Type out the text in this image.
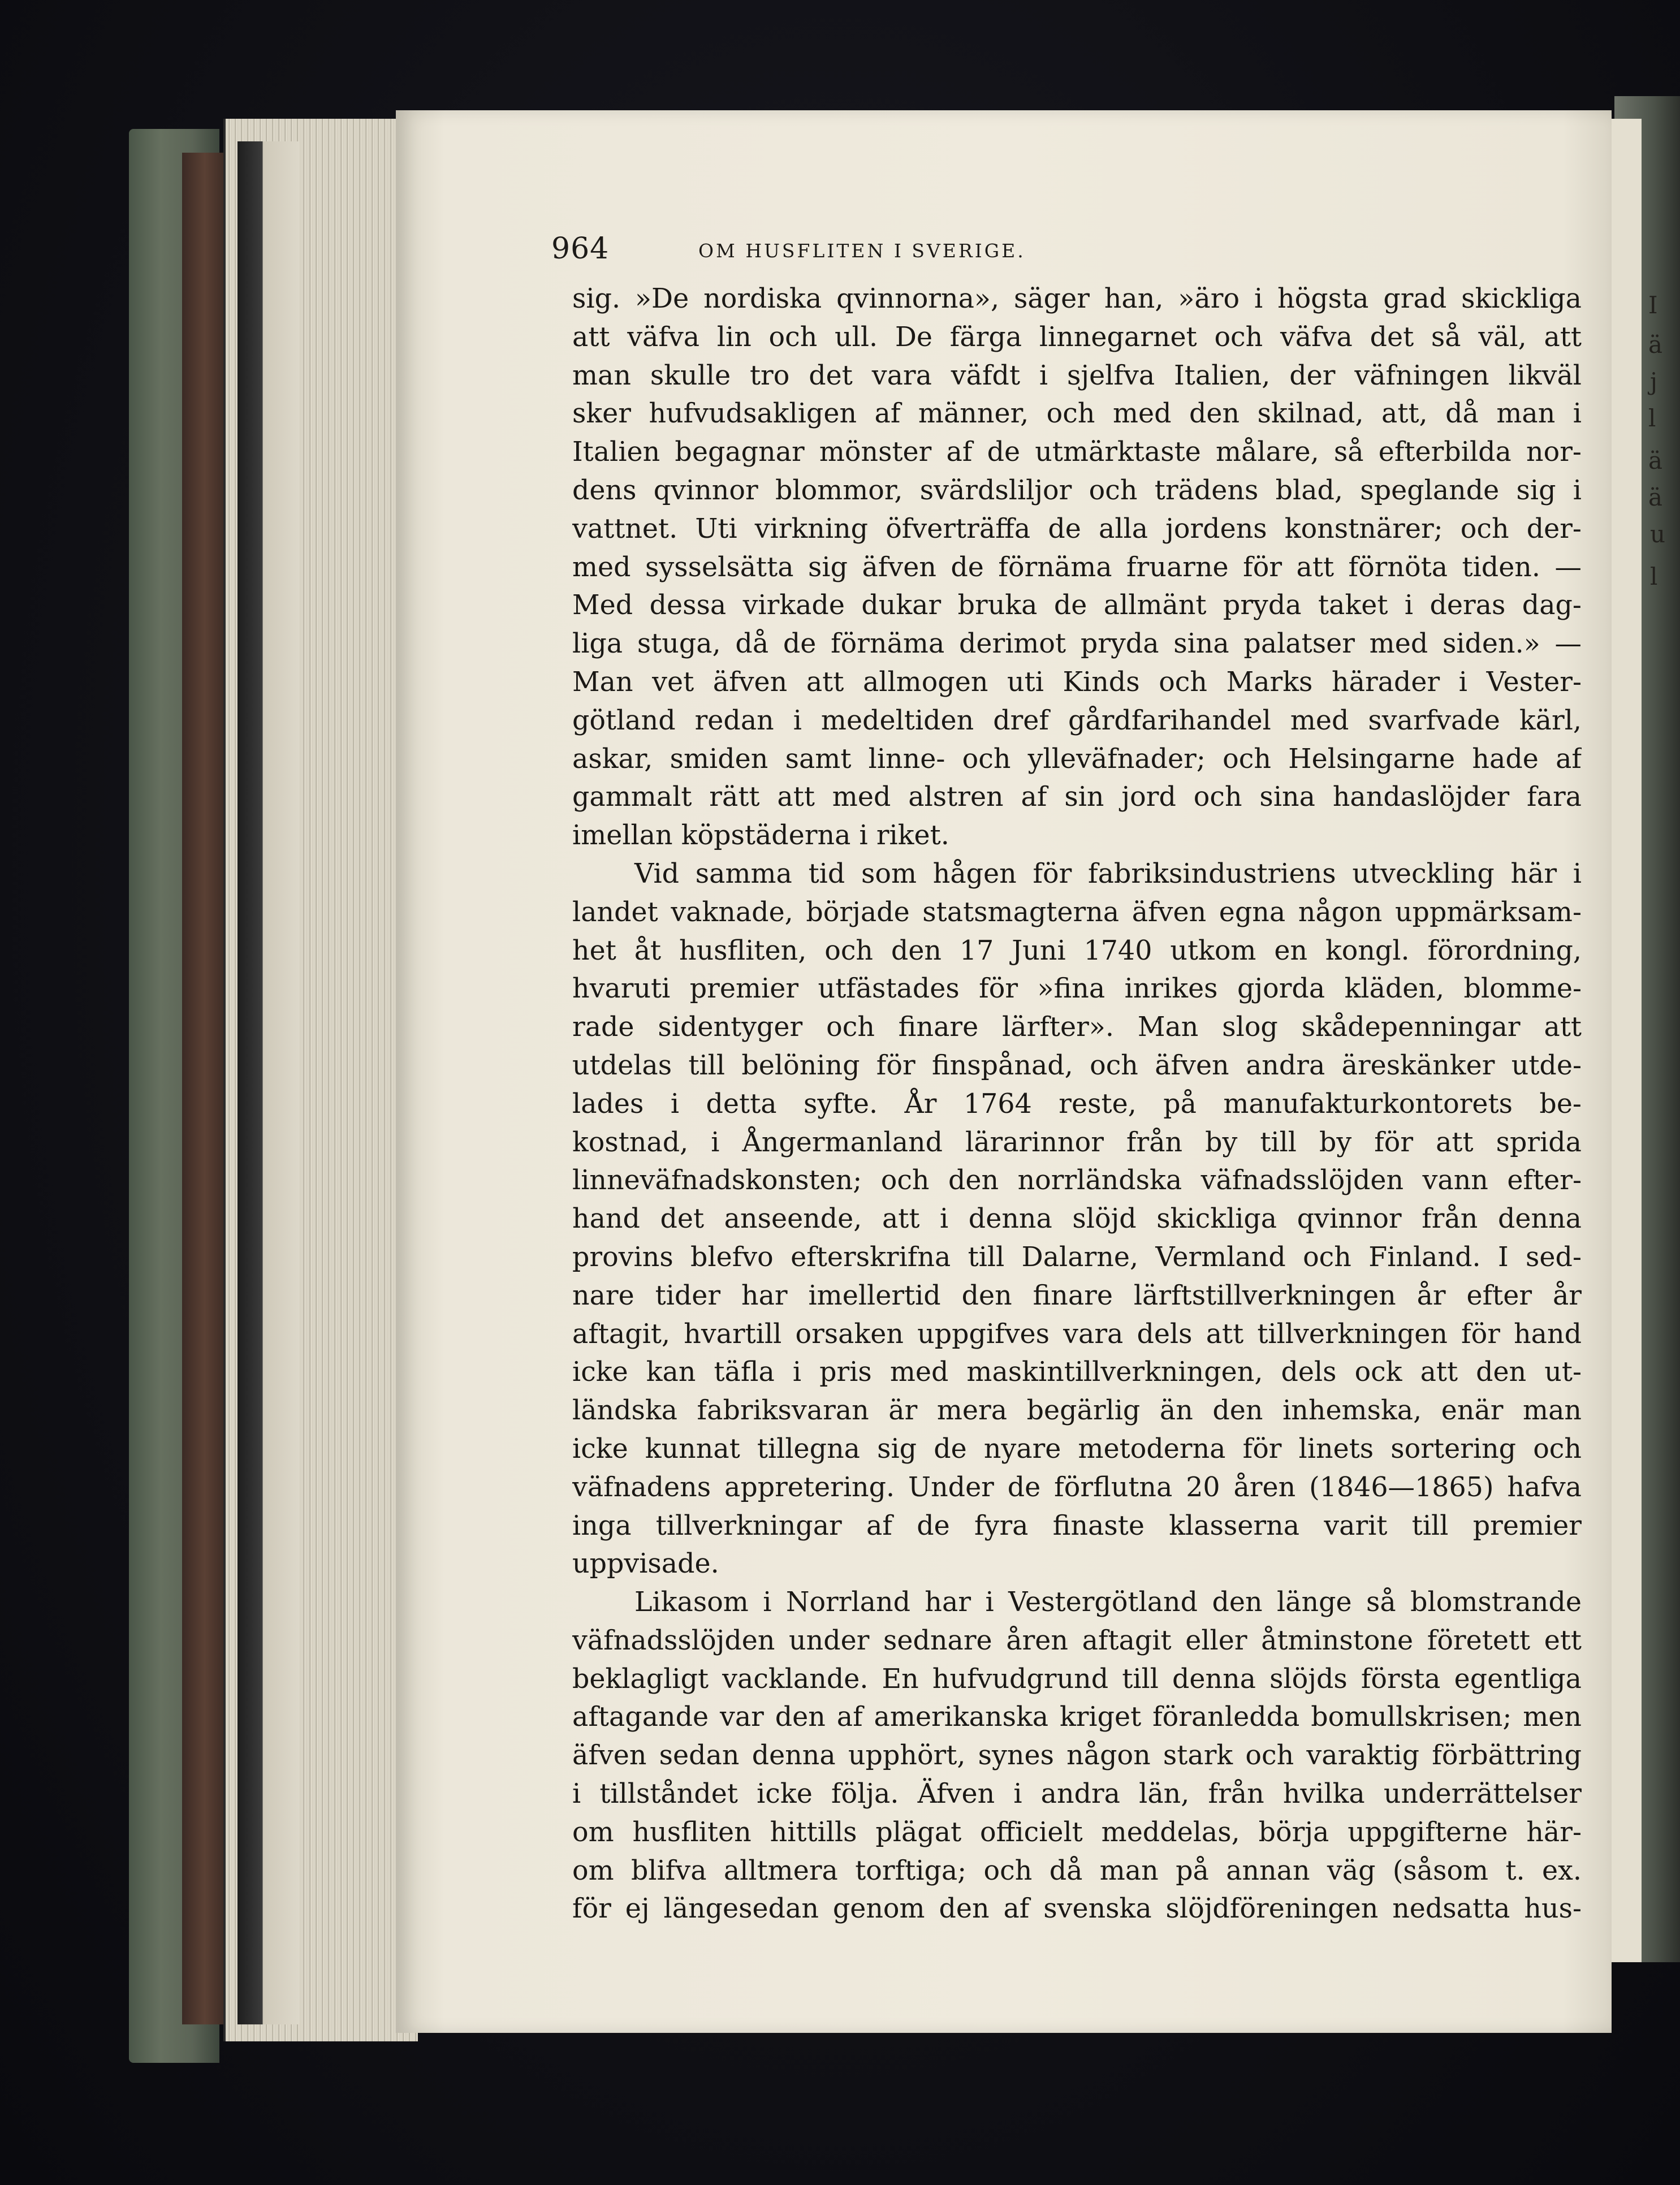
I
ä
j
l
ä
ä
u
l
964	OM HUSFLITEN I SVERIGE.
sig. »De nordiska qvinnorna», säger han, »äro i högsta grad skickliga
att väfva lin och ull. De färga linnegarnet och väfva det så väl, att
man skulle tro det vara väfdt i sjelfva Italien, der väfningen likväl
sker hufvudsakligen af männer, och med den skilnad, att, då man i
Italien begagnar mönster af de utmärktaste målare, så efterbilda nor-
dens qvinnor blommor, svärdsliljor och trädens blad, speglande sig i
vattnet. Uti virkning öfverträffa de alla jordens konstnärer; och der-
med sysselsätta sig äfven de förnäma fruarne för att förnöta tiden. —
Med dessa virkade dukar bruka de allmänt pryda taket i deras dag-
liga stuga, då de förnäma derimot pryda sina palatser med siden.» —
Man vet äfven att allmogen uti Kinds och Marks härader i Vester-
götland redan i medeltiden dref gårdfarihandel med svarfvade kärl,
askar, smiden samt linne- och ylleväfnader; och Helsingarne hade af
gammalt rätt att med alstren af sin jord och sina handaslöjder fara
imellan köpstäderna i riket.
Vid samma tid som hågen för fabriksindustriens utveckling här i
landet vaknade, började statsmagterna äfven egna någon uppmärksam-
het åt husfliten, och den 17 Juni 1740 utkom en kongl. förordning,
hvaruti premier utfästades för »fina inrikes gjorda kläden, blomme-
rade sidentyger och finare lärfter». Man slog skådepenningar att
utdelas till belöning för finspånad, och äfven andra äreskänker utde-
lades i detta syfte. År 1764 reste, på manufakturkontorets be-
kostnad, i Ångermanland lärarinnor från by till by för att sprida
linneväfnadskonsten; och den norrländska väfnadsslöjden vann efter-
hand det anseende, att i denna slöjd skickliga qvinnor från denna
provins blefvo efterskrifna till Dalarne, Vermland och Finland. I sed-
nare tider har imellertid den finare lärftstillverkningen år efter år
aftagit, hvartill orsaken uppgifves vara dels att tillverkningen för hand
icke kan täfla i pris med maskintillverkningen, dels ock att den ut-
ländska fabriksvaran är mera begärlig än den inhemska, enär man
icke kunnat tillegna sig de nyare metoderna för linets sortering och
väfnadens appretering. Under de förflutna 20 åren (1846—1865) hafva
inga tillverkningar af de fyra finaste klasserna varit till premier
uppvisade.
Likasom i Norrland har i Vestergötland den länge så blomstrande
väfnadsslöjden under sednare åren aftagit eller åtminstone företett ett
beklagligt vacklande. En hufvudgrund till denna slöjds första egentliga
aftagande var den af amerikanska kriget föranledda bomullskrisen; men
äfven sedan denna upphört, synes någon stark och varaktig förbättring
i tillståndet icke följa. Äfven i andra län, från hvilka underrättelser
om husfliten hittills plägat officielt meddelas, börja uppgifterne här-
om blifva alltmera torftiga; och då man på annan väg (såsom t. ex.
för ej längesedan genom den af svenska slöjdföreningen nedsatta hus-
